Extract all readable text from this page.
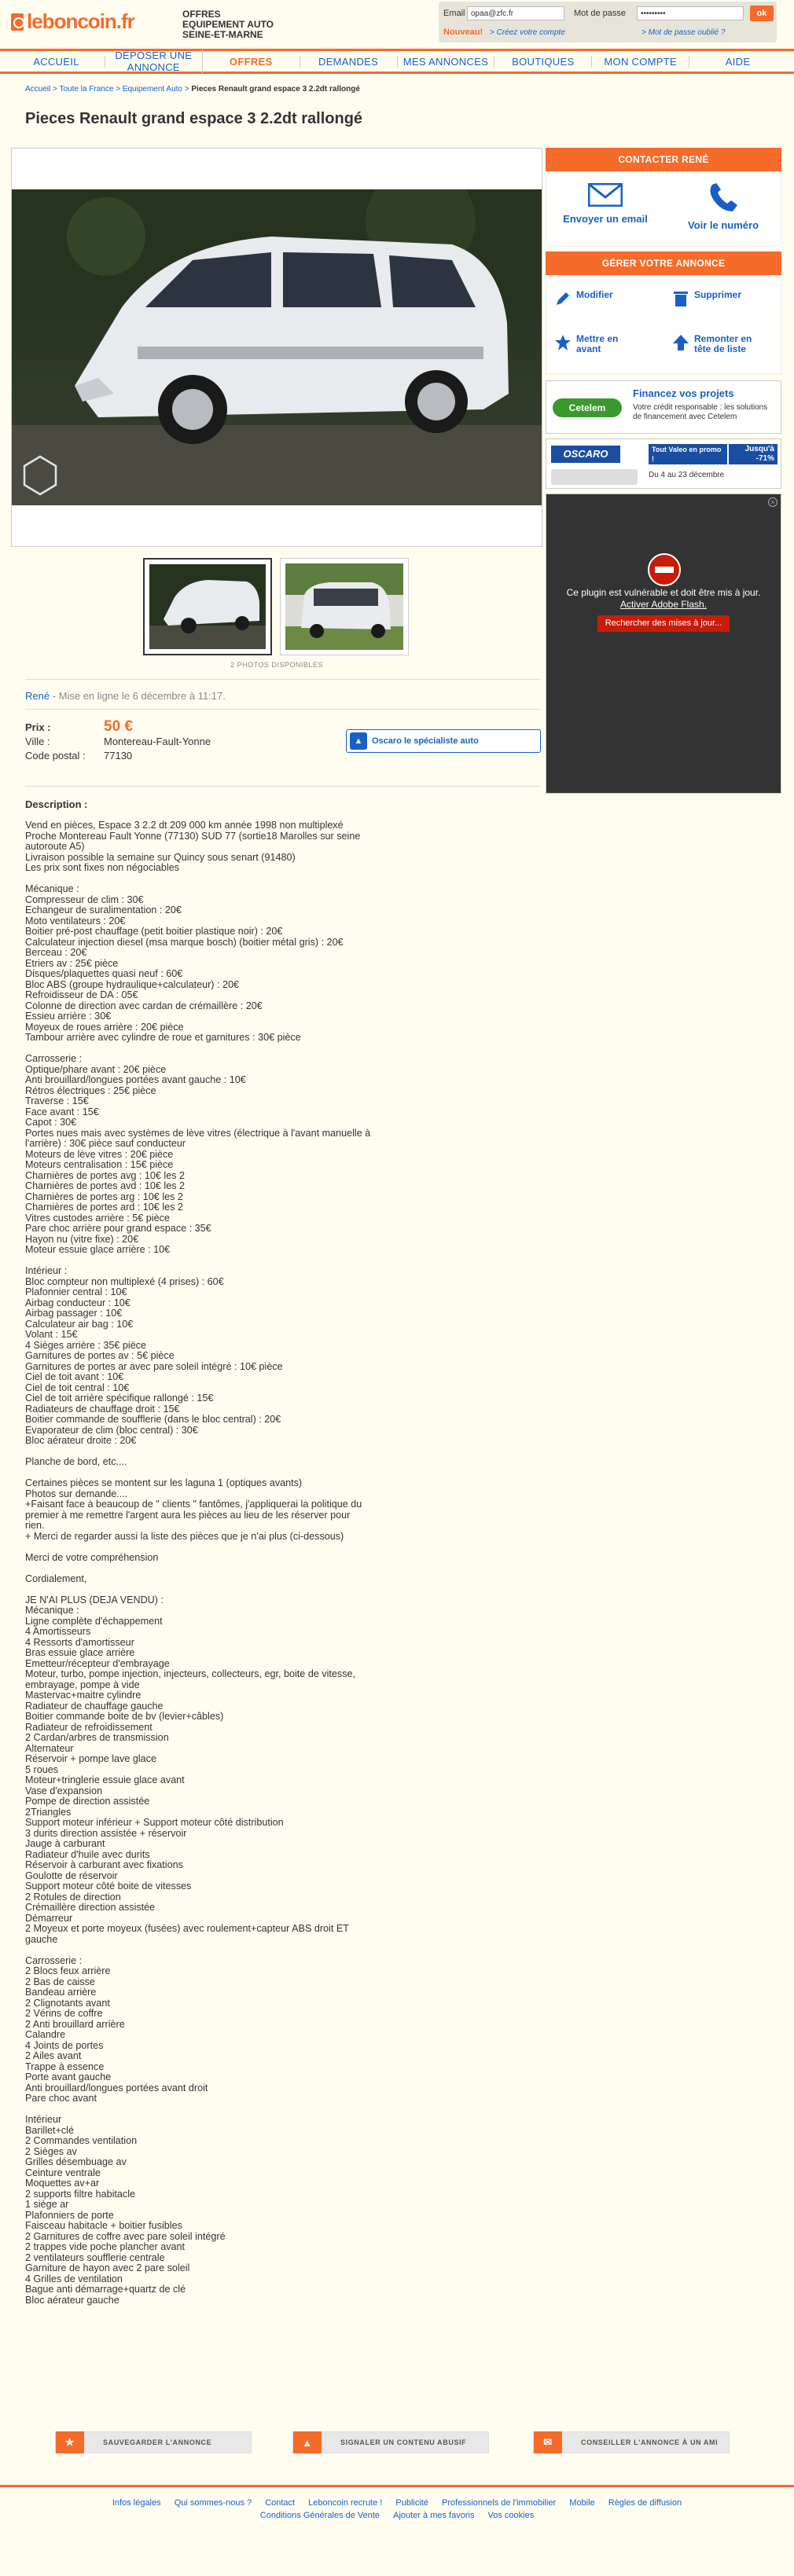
leboncoin.fr	OFFRES
EQUIPEMENT AUTO
SEINE-ET-MARNE
Email
opaa@zfc.fr	Mot de passe
•••••••••	ok
Nouveau! > Créez votre compte	> Mot de passe oublié ?
ACCUEIL	DÉPOSER UNE ANNONCE	OFFRES	DEMANDES	MES ANNONCES	BOUTIQUES	MON COMPTE	AIDE
Accueil > Toute la France > Equipement Auto > Pieces Renault grand espace 3 2.2dt rallongé
Pieces Renault grand espace 3 2.2dt rallongé
2 PHOTOS DISPONIBLES
René - Mise en ligne le 6 décembre à 11:17.
Prix :	50 €
Ville :	Montereau-Fault-Yonne
Code postal : 77130
▲	Oscaro le spécialiste auto
Description :
Vend en pièces, Espace 3 2.2 dt 209 000 km année 1998 non multiplexé
Proche Montereau Fault Yonne (77130) SUD 77 (sortie18 Marolles sur seine autoroute A5)
Livraison possible la semaine sur Quincy sous senart (91480)
Les prix sont fixes non négociables

Mécanique :
Compresseur de clim : 30€
Echangeur de suralimentation : 20€
Moto ventilateurs : 20€
Boitier pré-post chauffage (petit boitier plastique noir) : 20€
Calculateur injection diesel (msa marque bosch) (boitier métal gris) : 20€
Berceau : 20€
Etriers av : 25€ pièce
Disques/plaquettes quasi neuf : 60€
Bloc ABS (groupe hydraulique+calculateur) : 20€
Refroidisseur de DA : 05€
Colonne de direction avec cardan de crémaillère : 20€
Essieu arrière : 30€
Moyeux de roues arrière : 20€ pièce
Tambour arrière avec cylindre de roue et garnitures : 30€ pièce

Carrosserie :
Optique/phare avant : 20€ pièce
Anti brouillard/longues portées avant gauche : 10€
Rétros électriques : 25€ pièce
Traverse : 15€
Face avant : 15€
Capot : 30€
Portes nues mais avec systèmes de lève vitres (électrique à l'avant manuelle à l'arrière) : 30€ pièce sauf conducteur
Moteurs de lève vitres : 20€ pièce
Moteurs centralisation : 15€ pièce
Charnières de portes avg : 10€ les 2
Charnières de portes avd : 10€ les 2
Charnières de portes arg : 10€ les 2
Charnières de portes ard : 10€ les 2
Vitres custodes arrière : 5€ pièce
Pare choc arrière pour grand espace : 35€
Hayon nu (vitre fixe) : 20€
Moteur essuie glace arrière : 10€

Intérieur :
Bloc compteur non multiplexé (4 prises) : 60€
Plafonnier central : 10€
Airbag conducteur : 10€
Airbag passager : 10€
Calculateur air bag : 10€
Volant : 15€
4 Sièges arrière : 35€ pièce
Garnitures de portes av : 5€ pièce
Garnitures de portes ar avec pare soleil intégré : 10€ pièce
Ciel de toit avant : 10€
Ciel de toit central : 10€
Ciel de toit arrière spécifique rallongé : 15€
Radiateurs de chauffage droit : 15€
Boitier commande de soufflerie (dans le bloc central) : 20€
Evaporateur de clim (bloc central) : 30€
Bloc aérateur droite : 20€

Planche de bord, etc....

Certaines pièces se montent sur les laguna 1 (optiques avants)
Photos sur demande....
+Faisant face à beaucoup de " clients " fantômes, j'appliquerai la politique du premier à me remettre l'argent aura les pièces au lieu de les réserver pour rien.
+ Merci de regarder aussi la liste des pièces que je n'ai plus (ci-dessous)

Merci de votre compréhension

Cordialement,

JE N'AI PLUS (DEJA VENDU) :
Mécanique :
Ligne complète d'échappement
4 Amortisseurs
4 Ressorts d'amortisseur
Bras essuie glace arrière
Emetteur/récepteur d'embrayage
Moteur, turbo, pompe injection, injecteurs, collecteurs, egr, boite de vitesse, embrayage, pompe à vide
Mastervac+maitre cylindre
Radiateur de chauffage gauche
Boitier commande boite de bv (levier+câbles)
Radiateur de refroidissement
2 Cardan/arbres de transmission
Alternateur
Réservoir + pompe lave glace
5 roues
Moteur+tringlerie essuie glace avant
Vase d'expansion
Pompe de direction assistée
2Triangles
Support moteur inférieur + Support moteur côté distribution
3 durits direction assistée + réservoir
Jauge à carburant
Radiateur d'huile avec durits
Réservoir à carburant avec fixations
Goulotte de réservoir
Support moteur côté boite de vitesses
2 Rotules de direction
Crémaillère direction assistée
Démarreur
2 Moyeux et porte moyeux (fusées) avec roulement+capteur ABS droit ET gauche

Carrosserie :
2 Blocs feux arrière
2 Bas de caisse
Bandeau arrière
2 Clignotants avant
2 Vérins de coffre
2 Anti brouillard arrière
Calandre
4 Joints de portes
2 Ailes avant
Trappe à essence
Porte avant gauche
Anti brouillard/longues portées avant droit
Pare choc avant

Intérieur
Barillet+clé
2 Commandes ventilation
2 Sièges av
Grilles désembuage av
Ceinture ventrale
Moquettes av+ar
2 supports filtre habitacle
1 siège ar
Plafonniers de porte
Faisceau habitacle + boitier fusibles
2 Garnitures de coffre avec pare soleil intégré
2 trappes vide poche plancher avant
2 ventilateurs soufflerie centrale
Garniture de hayon avec 2 pare soleil
4 Grilles de ventilation
Bague anti démarrage+quartz de clé
Bloc aérateur gauche
CONTACTER RENÉ
Envoyer un email
Voir le numéro
GÉRER VOTRE ANNONCE
Modifier	Supprimer
Mettre en
avant
Remonter en
tête de liste
Cetelem
Financez vos projets
Votre crédit responsable : les solutions de financement avec Cetelem
OSCARO	Tout Valeo en promo !
Jusqu'à -71%
Du 4 au 23 décembre
×
Ce plugin est vulnérable et doit être mis à jour.
Activer Adobe Flash.
Rechercher des mises à jour...
★	SAUVEGARDER L'ANNONCE	▲	SIGNALER UN CONTENU ABUSIF	✉	CONSEILLER L'ANNONCE À UN AMI
Infos légales Qui sommes-nous ? Contact Leboncoin recrute ! Publicité Professionnels de l'immobilier Mobile Règles de diffusion
Conditions Générales de Vente Ajouter à mes favoris Vos cookies
